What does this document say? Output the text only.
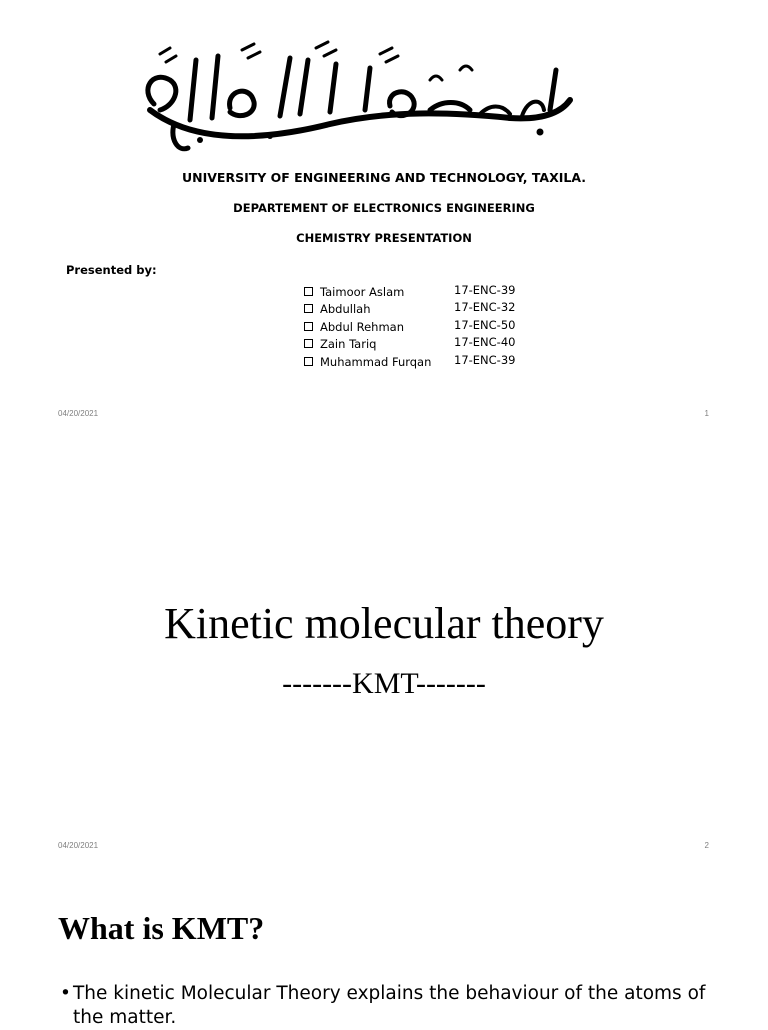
UNIVERSITY OF ENGINEERING AND TECHNOLOGY, TAXILA.
DEPARTEMENT OF ELECTRONICS ENGINEERING
CHEMISTRY PRESENTATION
Presented by:
Taimoor Aslam	17-ENC-39
Abdullah	17-ENC-32
Abdul Rehman	17-ENC-50
Zain Tariq	17-ENC-40
Muhammad Furqan 17-ENC-39
04/20/2021	1
Kinetic molecular theory
-------KMT-------
04/20/2021	2
What is KMT?
• The kinetic Molecular Theory explains the behaviour of the atoms of the matter.
